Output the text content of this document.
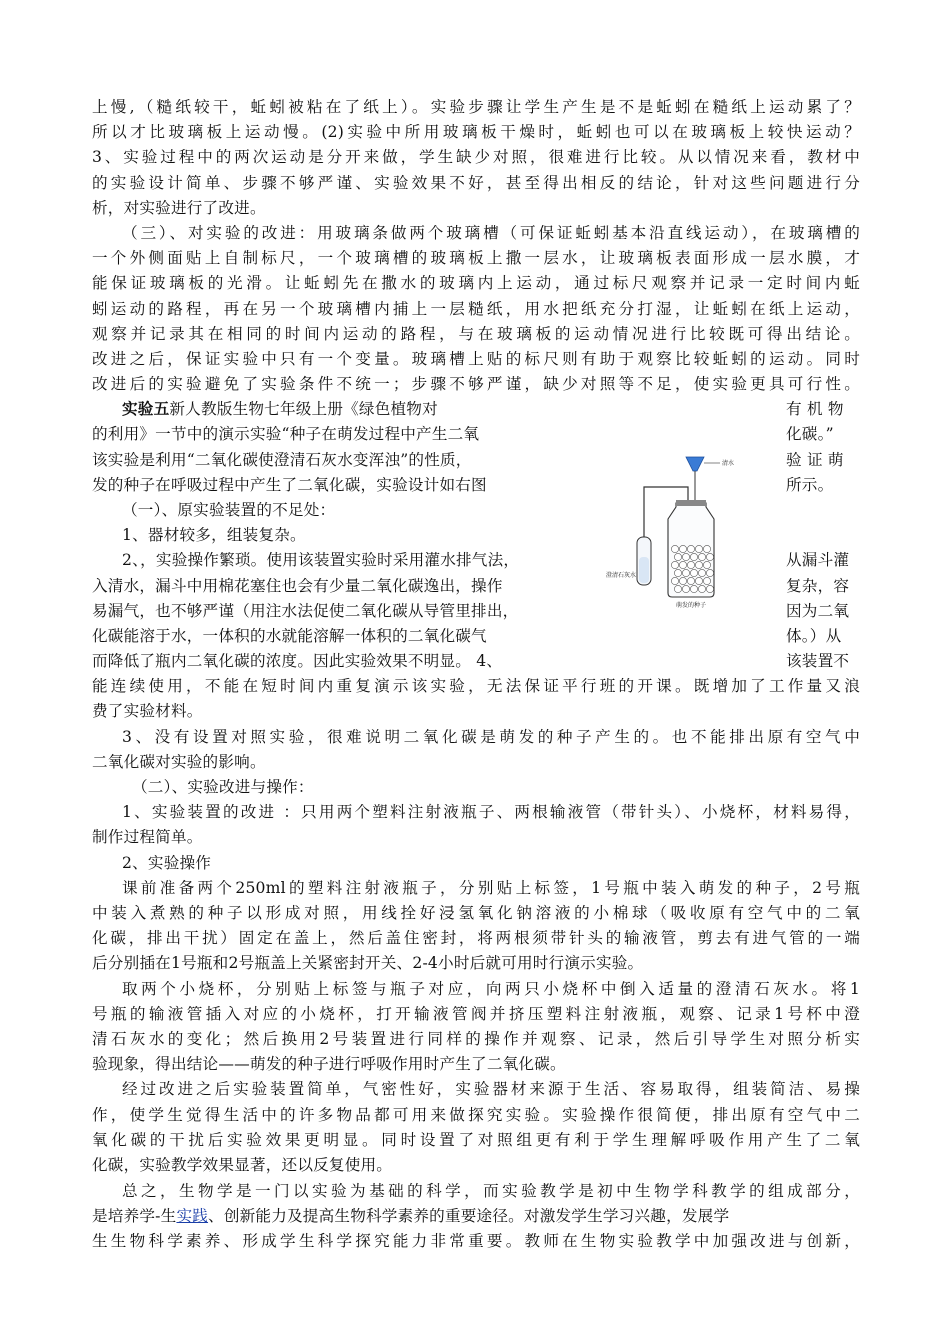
上慢,（糙纸较干，蚯蚓被粘在了纸上）。实验步骤让学生产生是不是蚯蚓在糙纸上运动累了？
所以才比玻璃板上运动慢。(2)实验中所用玻璃板干燥时，蚯蚓也可以在玻璃板上较快运动？
3、实验过程中的两次运动是分开来做，学生缺少对照，很难进行比较。从以情况来看，教材中
的实验设计简单、步骤不够严谨、实验效果不好，甚至得出相反的结论，针对这些问题进行分
析，对实验进行了改进。
（三）、对实验的改进：用玻璃条做两个玻璃槽（可保证蚯蚓基本沿直线运动），在玻璃槽的
一个外侧面贴上自制标尺，一个玻璃槽的玻璃板上撒一层水，让玻璃板表面形成一层水膜，才
能保证玻璃板的光滑。让蚯蚓先在撒水的玻璃内上运动，通过标尺观察并记录一定时间内蚯
蚓运动的路程，再在另一个玻璃槽内捕上一层糙纸，用水把纸充分打湿，让蚯蚓在纸上运动，
观察并记录其在相同的时间内运动的路程，与在玻璃板的运动情况进行比较既可得出结论。
改进之后，保证实验中只有一个变量。玻璃槽上贴的标尺则有助于观察比较蚯蚓的运动。同时
改进后的实验避免了实验条件不统一；步骤不够严谨，缺少对照等不足，使实验更具可行性。
实验五新人教版生物七年级上册《绿色植物对
的利用》一节中的演示实验“种子在萌发过程中产生二氧
该实验是利用“二氧化碳使澄清石灰水变浑浊”的性质，
发的种子在呼吸过程中产生了二氧化碳，实验设计如右图
（一）、原实验装置的不足处：
1、器材较多，组装复杂。
2、，实验操作繁琐。使用该装置实验时采用灌水排气法，
入清水，漏斗中用棉花塞住也会有少量二氧化碳逸出，操作
易漏气，也不够严谨（用注水法促使二氧化碳从导管里排出，
化碳能溶于水，一体积的水就能溶解一体积的二氧化碳气
而降低了瓶内二氧化碳的浓度。因此实验效果不明显。 4、
有 机 物
化碳。”
验 证 萌
所示。
从漏斗灌
复杂，容
因为二氧
体。）从
该装置不
清水
澄清石灰水
萌发的种子
能连续使用，不能在短时间内重复演示该实验，无法保证平行班的开课。既增加了工作量又浪
费了实验材料。
3、没有设置对照实验，很难说明二氧化碳是萌发的种子产生的。也不能排出原有空气中
二氧化碳对实验的影响。
（二）、实验改进与操作：
1、实验装置的改进 ：只用两个塑料注射液瓶子、两根输液管（带针头）、小烧杯，材料易得，
制作过程简单。
2、实验操作
课前准备两个250ml的塑料注射液瓶子，分别贴上标签，1号瓶中装入萌发的种子，2号瓶
中装入煮熟的种子以形成对照，用线拴好浸氢氧化钠溶液的小棉球（吸收原有空气中的二氧
化碳，排出干扰）固定在盖上，然后盖住密封，将两根须带针头的输液管，剪去有进气管的一端
后分别插在1号瓶和2号瓶盖上关紧密封开关、2-4小时后就可用时行演示实验。
取两个小烧杯，分别贴上标签与瓶子对应，向两只小烧杯中倒入适量的澄清石灰水。将1
号瓶的输液管插入对应的小烧杯，打开输液管阀并挤压塑料注射液瓶，观察、记录1号杯中澄
清石灰水的变化；然后换用2号装置进行同样的操作并观察、记录，然后引导学生对照分析实
验现象，得出结论——萌发的种子进行呼吸作用时产生了二氧化碳。
经过改进之后实验装置简单，气密性好，实验器材来源于生活、容易取得，组装简洁、易操
作，使学生觉得生活中的许多物品都可用来做探究实验。实验操作很简便，排出原有空气中二
氧化碳的干扰后实验效果更明显。同时设置了对照组更有利于学生理解呼吸作用产生了二氧
化碳，实验教学效果显著，还以反复使用。
总之，生物学是一门以实验为基础的科学，而实验教学是初中生物学科教学的组成部分，
是培养学-生实践、创新能力及提高生物科学素养的重要途径。对激发学生学习兴趣，发展学
生生物科学素养、形成学生科学探究能力非常重要。教师在生物实验教学中加强改进与创新，
